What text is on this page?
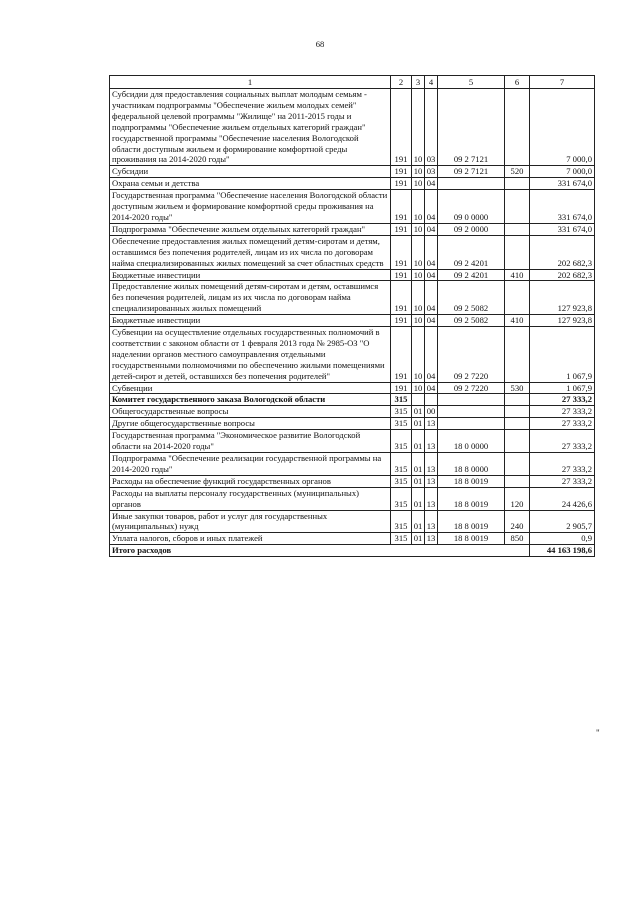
68
1	2	3	4	5	6	7
Субсидии для предоставления социальных выплат молодым семьям - участникам подпрограммы "Обеспечение жильем молодых семей" федеральной целевой программы "Жилище" на 2011-2015 годы и подпрограммы "Обеспечение жильем отдельных категорий граждан" государственной программы "Обеспечение населения Вологодской области доступным жильем и формирование комфортной среды проживания на 2014-2020 годы"	191	10	03	09 2 7121		7 000,0
Субсидии	191	10	03	09 2 7121	520	7 000,0
Охрана семьи и детства	191	10	04			331 674,0
Государственная программа "Обеспечение населения Вологодской области доступным жильем и формирование комфортной среды проживания на 2014-2020 годы"	191	10	04	09 0 0000		331 674,0
Подпрограмма "Обеспечение жильем отдельных категорий граждан"	191	10	04	09 2 0000		331 674,0
Обеспечение предоставления жилых помещений детям-сиротам и детям, оставшимся без попечения родителей, лицам из их числа по договорам найма специализированных жилых помещений за счет областных средств	191	10	04	09 2 4201		202 682,3
Бюджетные инвестиции	191	10	04	09 2 4201	410	202 682,3
Предоставление жилых помещений детям-сиротам и детям, оставшимся без попечения родителей, лицам из их числа по договорам найма специализированных жилых помещений	191	10	04	09 2 5082		127 923,8
Бюджетные инвестиции	191	10	04	09 2 5082	410	127 923,8
Субвенции на осуществление отдельных государственных полномочий в соответствии с законом области от 1 февраля 2013 года № 2985-ОЗ "О наделении органов местного самоуправления отдельными государственными полномочиями по обеспечению жилыми помещениями детей-сирот и детей, оставшихся без попечения родителей"	191	10	04	09 2 7220		1 067,9
Субвенции	191	10	04	09 2 7220	530	1 067,9
Комитет государственного заказа Вологодской области	315					27 333,2
Общегосударственные вопросы	315	01	00			27 333,2
Другие общегосударственные вопросы	315	01	13			27 333,2
Государственная программа "Экономическое развитие Вологодской области на 2014-2020 годы"	315	01	13	18 0 0000		27 333,2
Подпрограмма "Обеспечение реализации государственной программы на 2014-2020 годы"	315	01	13	18 8 0000		27 333,2
Расходы на обеспечение функций государственных органов	315	01	13	18 8 0019		27 333,2
Расходы на выплаты персоналу государственных (муниципальных) органов	315	01	13	18 8 0019	120	24 426,6
Иные закупки товаров, работ и услуг для государственных (муниципальных) нужд	315	01	13	18 8 0019	240	2 905,7
Уплата налогов, сборов и иных платежей	315	01	13	18 8 0019	850	0,9
Итого расходов						44 163 198,6
"
